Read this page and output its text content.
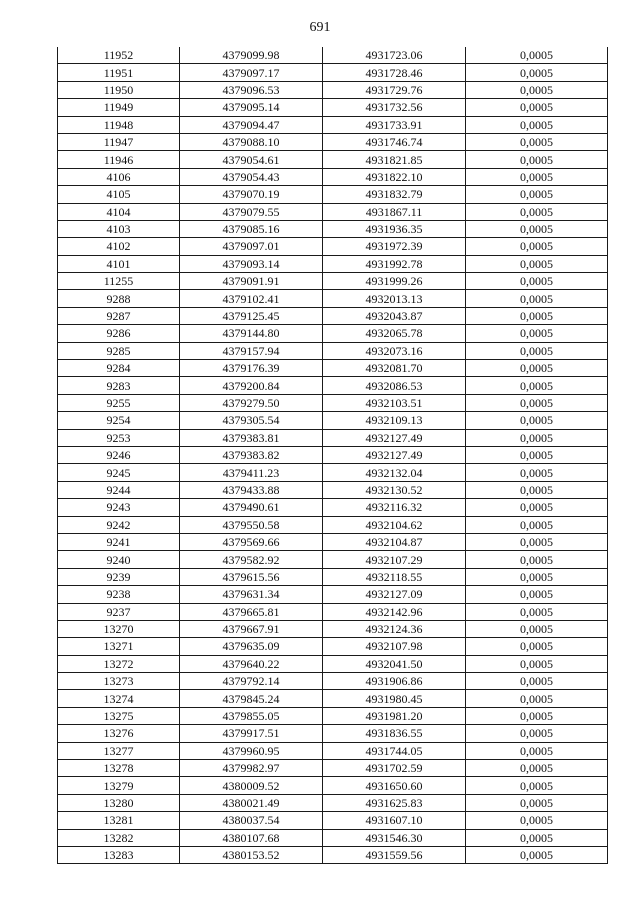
691
11952	4379099.98	4931723.06	0,0005
11951	4379097.17	4931728.46	0,0005
11950	4379096.53	4931729.76	0,0005
11949	4379095.14	4931732.56	0,0005
11948	4379094.47	4931733.91	0,0005
11947	4379088.10	4931746.74	0,0005
11946	4379054.61	4931821.85	0,0005
4106	4379054.43	4931822.10	0,0005
4105	4379070.19	4931832.79	0,0005
4104	4379079.55	4931867.11	0,0005
4103	4379085.16	4931936.35	0,0005
4102	4379097.01	4931972.39	0,0005
4101	4379093.14	4931992.78	0,0005
11255	4379091.91	4931999.26	0,0005
9288	4379102.41	4932013.13	0,0005
9287	4379125.45	4932043.87	0,0005
9286	4379144.80	4932065.78	0,0005
9285	4379157.94	4932073.16	0,0005
9284	4379176.39	4932081.70	0,0005
9283	4379200.84	4932086.53	0,0005
9255	4379279.50	4932103.51	0,0005
9254	4379305.54	4932109.13	0,0005
9253	4379383.81	4932127.49	0,0005
9246	4379383.82	4932127.49	0,0005
9245	4379411.23	4932132.04	0,0005
9244	4379433.88	4932130.52	0,0005
9243	4379490.61	4932116.32	0,0005
9242	4379550.58	4932104.62	0,0005
9241	4379569.66	4932104.87	0,0005
9240	4379582.92	4932107.29	0,0005
9239	4379615.56	4932118.55	0,0005
9238	4379631.34	4932127.09	0,0005
9237	4379665.81	4932142.96	0,0005
13270	4379667.91	4932124.36	0,0005
13271	4379635.09	4932107.98	0,0005
13272	4379640.22	4932041.50	0,0005
13273	4379792.14	4931906.86	0,0005
13274	4379845.24	4931980.45	0,0005
13275	4379855.05	4931981.20	0,0005
13276	4379917.51	4931836.55	0,0005
13277	4379960.95	4931744.05	0,0005
13278	4379982.97	4931702.59	0,0005
13279	4380009.52	4931650.60	0,0005
13280	4380021.49	4931625.83	0,0005
13281	4380037.54	4931607.10	0,0005
13282	4380107.68	4931546.30	0,0005
13283	4380153.52	4931559.56	0,0005
